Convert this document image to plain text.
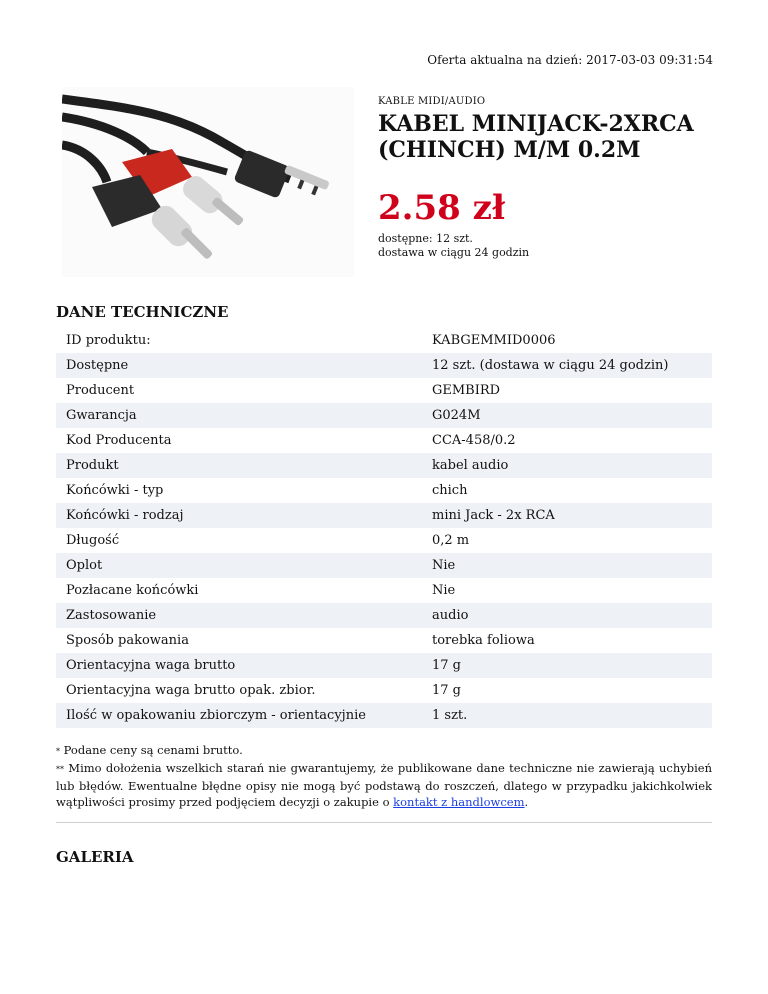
Oferta aktualna na dzień: 2017-03-03 09:31:54
KABLE MIDI/AUDIO
KABEL MINIJACK-2XRCA (CHINCH) M/M 0.2M
2.58 zł
dostępne: 12 szt.
dostawa w ciągu 24 godzin
DANE TECHNICZNE
ID produktu:	KABGEMMID0006
Dostępne	12 szt. (dostawa w ciągu 24 godzin)
Producent	GEMBIRD
Gwarancja	G024M
Kod Producenta	CCA-458/0.2
Produkt	kabel audio
Końcówki - typ	chich
Końcówki - rodzaj	mini Jack - 2x RCA
Długość	0,2 m
Oplot	Nie
Pozłacane końcówki	Nie
Zastosowanie	audio
Sposób pakowania	torebka foliowa
Orientacyjna waga brutto	17 g
Orientacyjna waga brutto opak. zbior.	17 g
Ilość w opakowaniu zbiorczym - orientacyjnie	1 szt.
* Podane ceny są cenami brutto.
** Mimo dołożenia wszelkich starań nie gwarantujemy, że publikowane dane techniczne nie zawierają uchybień lub błędów. Ewentualne błędne opisy nie mogą być podstawą do roszczeń, dlatego w przypadku jakichkolwiek wątpliwości prosimy przed podjęciem decyzji o zakupie o kontakt z handlowcem.
GALERIA
